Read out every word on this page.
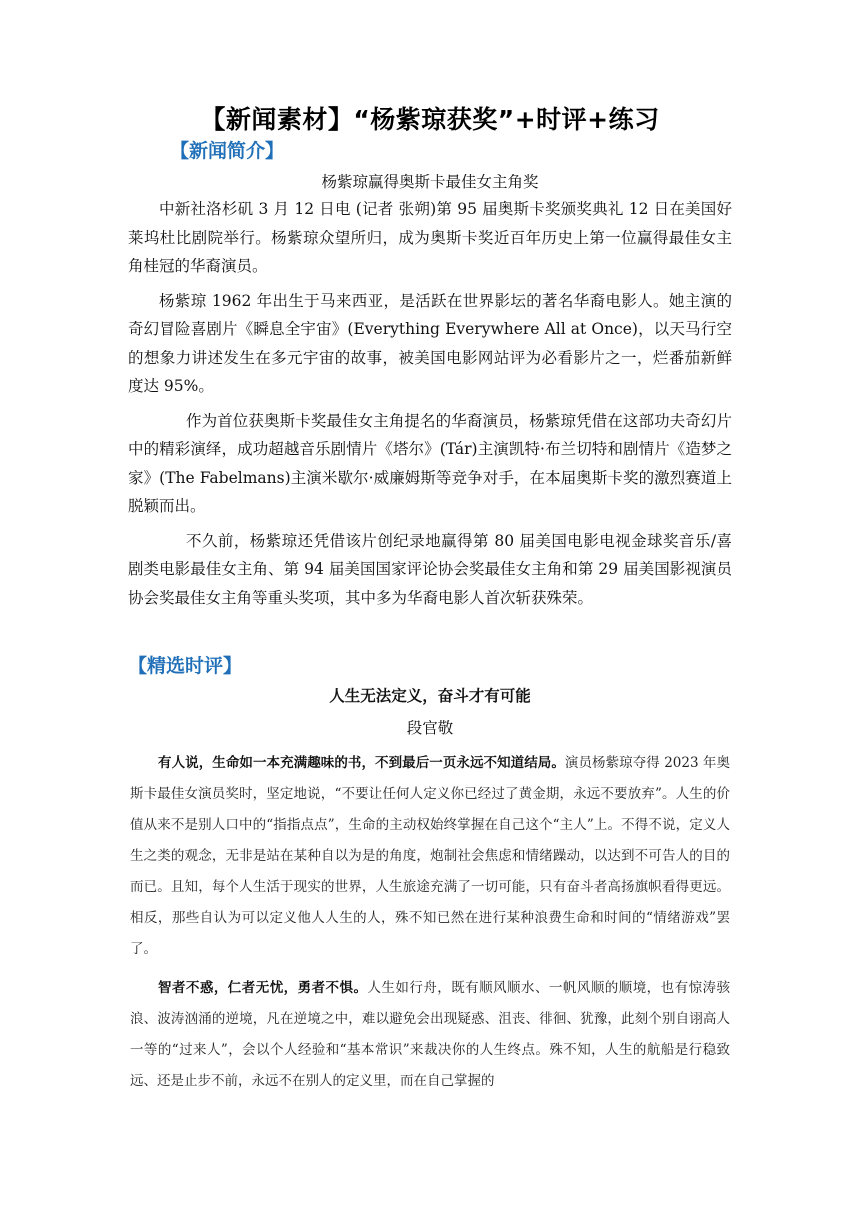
【新闻素材】“杨紫琼获奖”+时评+练习
【新闻简介】
杨紫琼赢得奥斯卡最佳女主角奖

中新社洛杉矶 3 月 12 日电 (记者 张朔)第 95 届奥斯卡奖颁奖典礼 12 日在美国好莱坞杜比剧院举行。杨紫琼众望所归，成为奥斯卡奖近百年历史上第一位赢得最佳女主角桂冠的华裔演员。

杨紫琼 1962 年出生于马来西亚，是活跃在世界影坛的著名华裔电影人。她主演的奇幻冒险喜剧片《瞬息全宇宙》(Everything Everywhere All at Once)，以天马行空的想象力讲述发生在多元宇宙的故事，被美国电影网站评为必看影片之一，烂番茄新鲜度达 95%。

作为首位获奥斯卡奖最佳女主角提名的华裔演员，杨紫琼凭借在这部功夫奇幻片中的精彩演绎，成功超越音乐剧情片《塔尔》(Tár)主演凯特·布兰切特和剧情片《造梦之家》(The Fabelmans)主演米歇尔·威廉姆斯等竞争对手，在本届奥斯卡奖的激烈赛道上脱颖而出。

不久前，杨紫琼还凭借该片创纪录地赢得第 80 届美国电影电视金球奖音乐/喜剧类电影最佳女主角、第 94 届美国国家评论协会奖最佳女主角和第 29 届美国影视演员协会奖最佳女主角等重头奖项，其中多为华裔电影人首次斩获殊荣。

【精选时评】
人生无法定义，奋斗才有可能
段官敬

有人说，生命如一本充满趣味的书，不到最后一页永远不知道结局。演员杨紫琼夺得 2023 年奥斯卡最佳女演员奖时，坚定地说，“不要让任何人定义你已经过了黄金期，永远不要放弃”。人生的价值从来不是别人口中的“指指点点”，生命的主动权始终掌握在自己这个“主人”上。不得不说，定义人生之类的观念，无非是站在某种自以为是的角度，炮制社会焦虑和情绪躁动，以达到不可告人的目的而已。且知，每个人生活于现实的世界，人生旅途充满了一切可能，只有奋斗者高扬旗帜看得更远。相反，那些自认为可以定义他人人生的人，殊不知已然在进行某种浪费生命和时间的“情绪游戏”罢了。

智者不惑，仁者无忧，勇者不惧。人生如行舟，既有顺风顺水、一帆风顺的顺境，也有惊涛骇浪、波涛汹涌的逆境，凡在逆境之中，难以避免会出现疑惑、沮丧、徘徊、犹豫，此刻个别自诩高人一等的“过来人”，会以个人经验和“基本常识”来裁决你的人生终点。殊不知，人生的航船是行稳致远、还是止步不前，永远不在别人的定义里，而在自己掌握的
